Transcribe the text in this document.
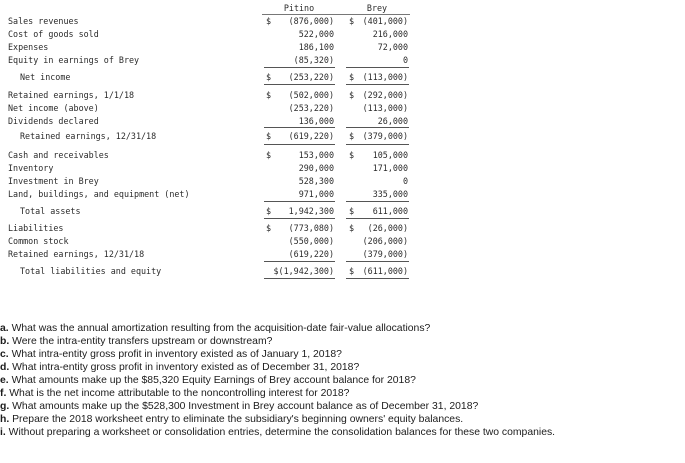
Pitino	Brey
Sales revenues	$	(876,000) $	(401,000)
Cost of goods sold	522,000	216,000
Expenses	186,100	72,000
Equity in earnings of Brey	(85,320)	0
Net income	$	(253,220) $	(113,000)
Retained earnings, 1/1/18	$	(502,000) $	(292,000)
Net income (above)	(253,220)	(113,000)
Dividends declared	136,000	26,000
Retained earnings, 12/31/18	$	(619,220) $	(379,000)
Cash and receivables	$	153,000 $	105,000
Inventory	290,000	171,000
Investment in Brey	528,300	0
Land, buildings, and equipment (net)	971,000	335,000
Total assets	$	1,942,300 $	611,000
Liabilities	$	(773,080) $	(26,000)
Common stock	(550,000)	(206,000)
Retained earnings, 12/31/18	(619,220)	(379,000)
Total liabilities and equity	$(1,942,300) $	(611,000)
a. What was the annual amortization resulting from the acquisition-date fair-value allocations?
b. Were the intra-entity transfers upstream or downstream?
c. What intra-entity gross profit in inventory existed as of January 1, 2018?
d. What intra-entity gross profit in inventory existed as of December 31, 2018?
e. What amounts make up the $85,320 Equity Earnings of Brey account balance for 2018?
f. What is the net income attributable to the noncontrolling interest for 2018?
g. What amounts make up the $528,300 Investment in Brey account balance as of December 31, 2018?
h. Prepare the 2018 worksheet entry to eliminate the subsidiary's beginning owners' equity balances.
i. Without preparing a worksheet or consolidation entries, determine the consolidation balances for these two companies.
